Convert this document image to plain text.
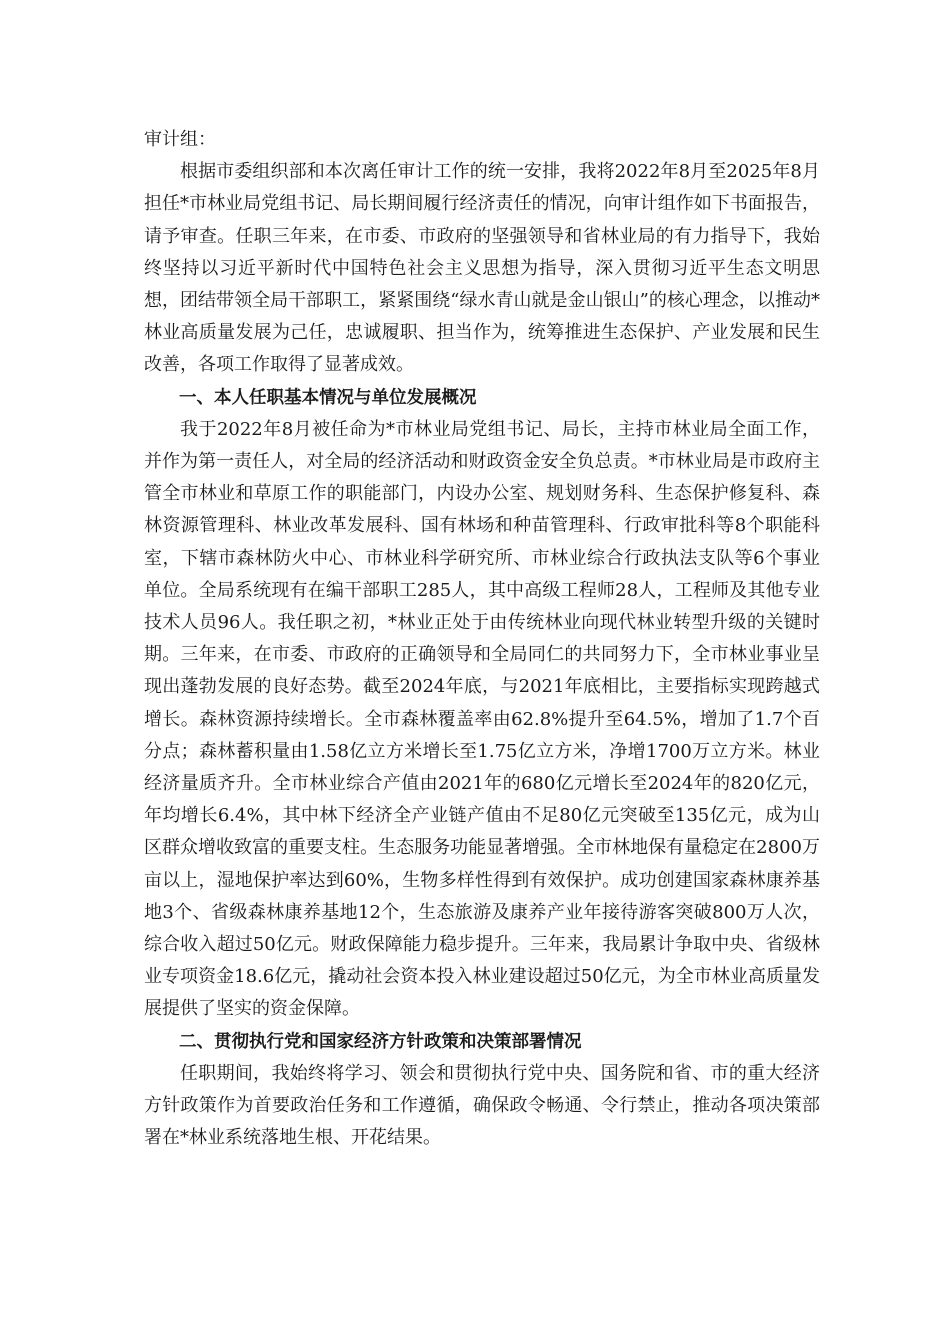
审计组：

根据市委组织部和本次离任审计工作的统一安排，我将2022年8月至2025年8月担任*市林业局党组书记、局长期间履行经济责任的情况，向审计组作如下书面报告，请予审查。任职三年来，在市委、市政府的坚强领导和省林业局的有力指导下，我始终坚持以习近平新时代中国特色社会主义思想为指导，深入贯彻习近平生态文明思想，团结带领全局干部职工，紧紧围绕“绿水青山就是金山银山”的核心理念，以推动*林业高质量发展为己任，忠诚履职、担当作为，统筹推进生态保护、产业发展和民生改善，各项工作取得了显著成效。

一、本人任职基本情况与单位发展概况

我于2022年8月被任命为*市林业局党组书记、局长，主持市林业局全面工作，并作为第一责任人，对全局的经济活动和财政资金安全负总责。*市林业局是市政府主管全市林业和草原工作的职能部门，内设办公室、规划财务科、生态保护修复科、森林资源管理科、林业改革发展科、国有林场和种苗管理科、行政审批科等8个职能科室，下辖市森林防火中心、市林业科学研究所、市林业综合行政执法支队等6个事业单位。全局系统现有在编干部职工285人，其中高级工程师28人，工程师及其他专业技术人员96人。我任职之初，*林业正处于由传统林业向现代林业转型升级的关键时期。三年来，在市委、市政府的正确领导和全局同仁的共同努力下，全市林业事业呈现出蓬勃发展的良好态势。截至2024年底，与2021年底相比，主要指标实现跨越式增长。森林资源持续增长。全市森林覆盖率由62.8%提升至64.5%，增加了1.7个百分点；森林蓄积量由1.58亿立方米增长至1.75亿立方米，净增1700万立方米。林业经济量质齐升。全市林业综合产值由2021年的680亿元增长至2024年的820亿元，年均增长6.4%，其中林下经济全产业链产值由不足80亿元突破至135亿元，成为山区群众增收致富的重要支柱。生态服务功能显著增强。全市林地保有量稳定在2800万亩以上，湿地保护率达到60%，生物多样性得到有效保护。成功创建国家森林康养基地3个、省级森林康养基地12个，生态旅游及康养产业年接待游客突破800万人次，综合收入超过50亿元。财政保障能力稳步提升。三年来，我局累计争取中央、省级林业专项资金18.6亿元，撬动社会资本投入林业建设超过50亿元，为全市林业高质量发展提供了坚实的资金保障。

二、贯彻执行党和国家经济方针政策和决策部署情况

任职期间，我始终将学习、领会和贯彻执行党中央、国务院和省、市的重大经济方针政策作为首要政治任务和工作遵循，确保政令畅通、令行禁止，推动各项决策部署在*林业系统落地生根、开花结果。
